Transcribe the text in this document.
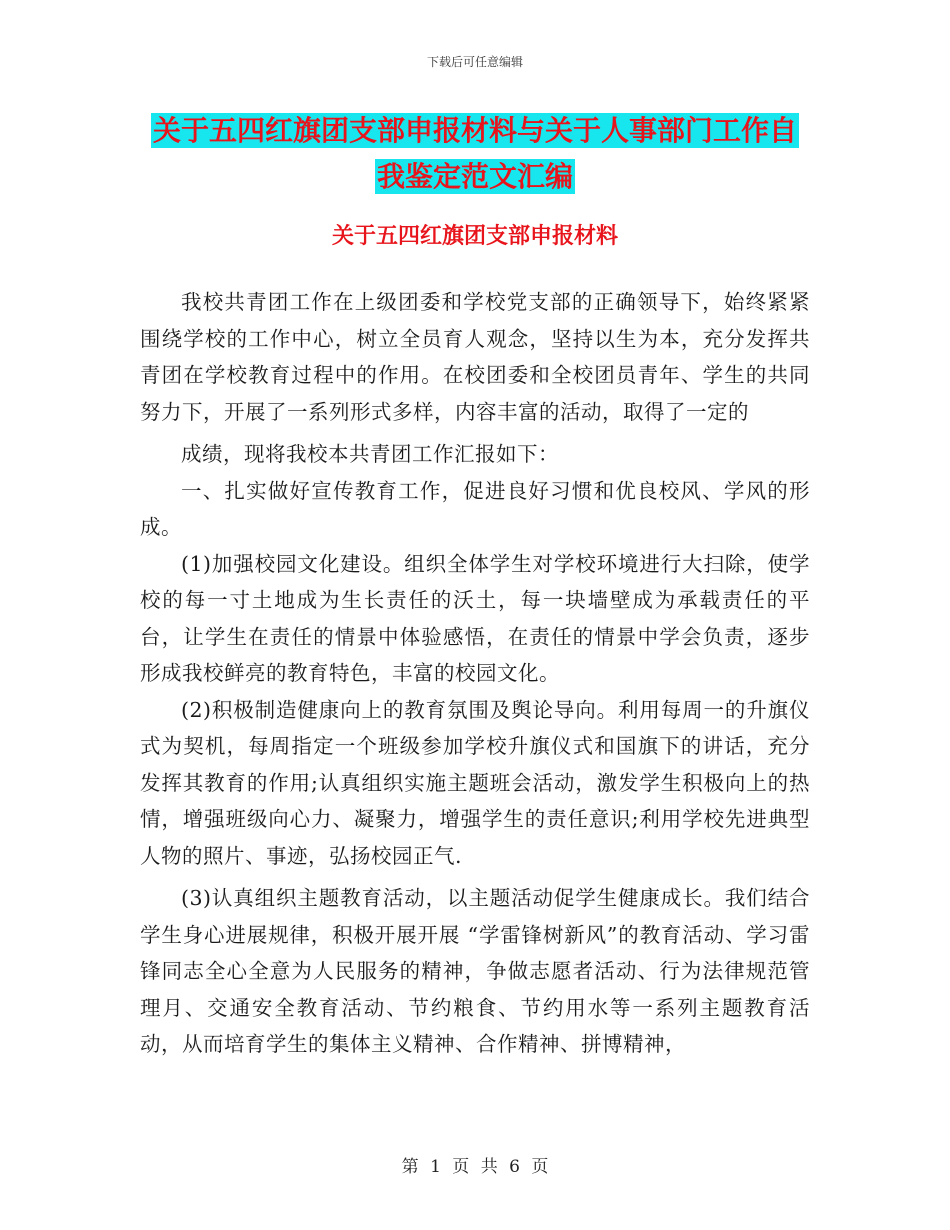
下载后可任意编辑
关于五四红旗团支部申报材料与关于人事部门工作自
我鉴定范文汇编
关于五四红旗团支部申报材料

我校共青团工作在上级团委和学校党支部的正确领导下，始终紧紧围绕学校的工作中心，树立全员育人观念，坚持以生为本，充分发挥共青团在学校教育过程中的作用。在校团委和全校团员青年、学生的共同努力下，开展了一系列形式多样，内容丰富的活动，取得了一定的

成绩，现将我校本共青团工作汇报如下：

一、扎实做好宣传教育工作，促进良好习惯和优良校风、学风的形成。

(1)加强校园文化建设。组织全体学生对学校环境进行大扫除，使学校的每一寸土地成为生长责任的沃土，每一块墙壁成为承载责任的平台，让学生在责任的情景中体验感悟，在责任的情景中学会负责，逐步形成我校鲜亮的教育特色，丰富的校园文化。

(2)积极制造健康向上的教育氛围及舆论导向。利用每周一的升旗仪式为契机，每周指定一个班级参加学校升旗仪式和国旗下的讲话，充分发挥其教育的作用;认真组织实施主题班会活动，激发学生积极向上的热情，增强班级向心力、凝聚力，增强学生的责任意识;利用学校先进典型人物的照片、事迹，弘扬校园正气.

(3)认真组织主题教育活动，以主题活动促学生健康成长。我们结合学生身心进展规律，积极开展开展 “学雷锋树新风”的教育活动、学习雷锋同志全心全意为人民服务的精神，争做志愿者活动、行为法律规范管理月、交通安全教育活动、节约粮食、节约用水等一系列主题教育活动，从而培育学生的集体主义精神、合作精神、拼博精神，

第 1 页 共 6 页
